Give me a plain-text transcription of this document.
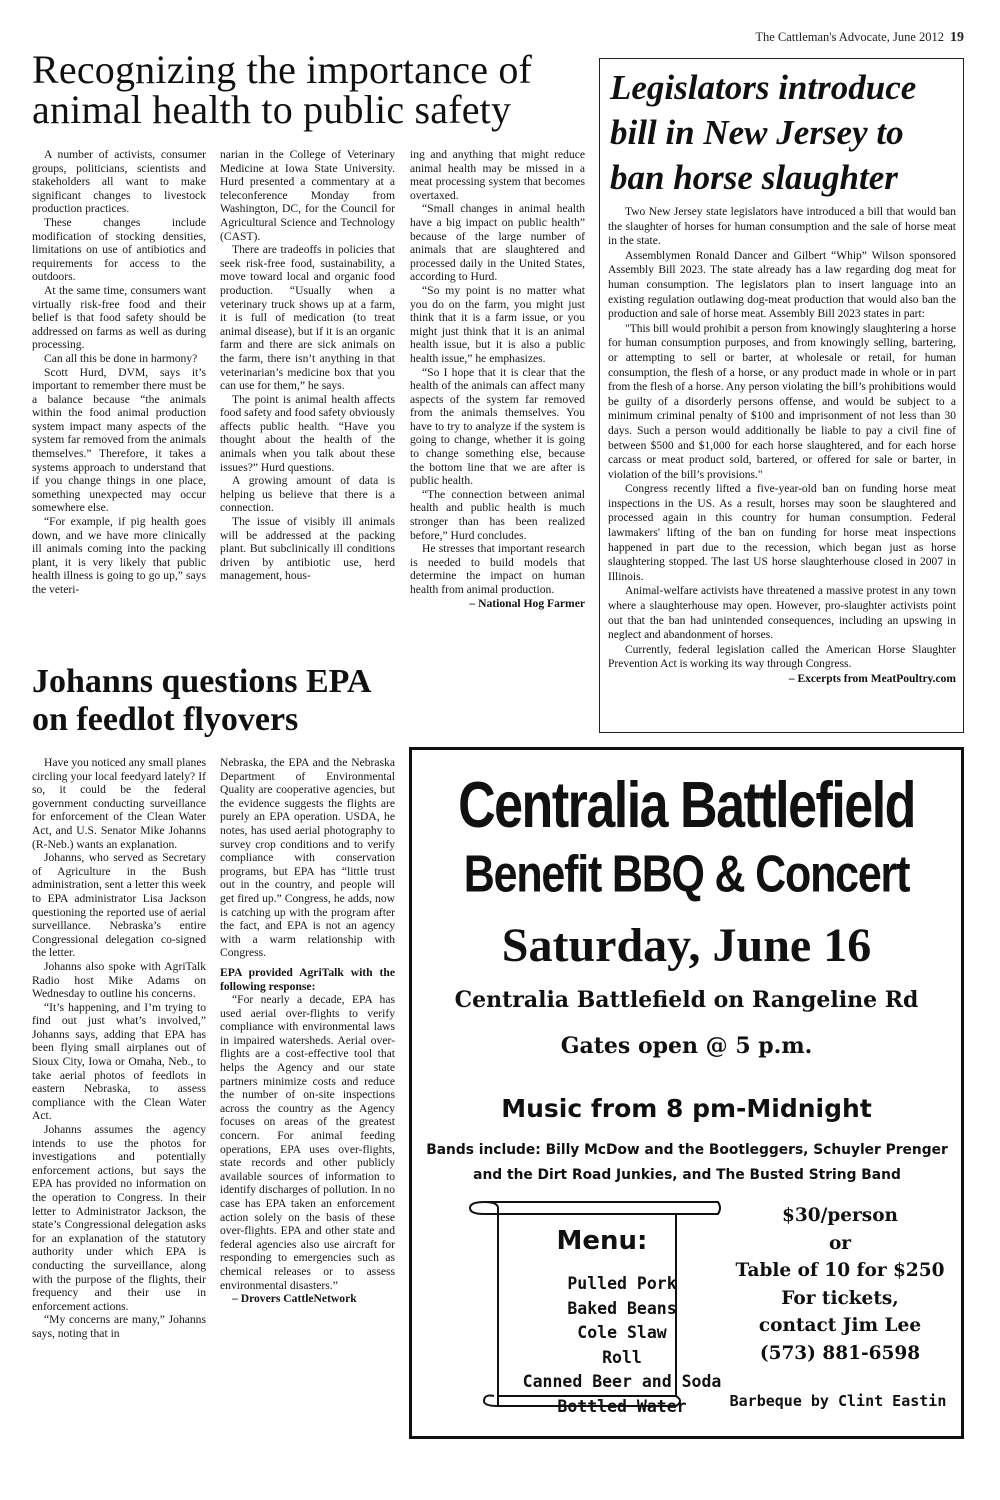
The Cattleman's Advocate, June 2012 19
Recognizing the importance of animal health to public safety

A number of activists, consumer groups, politicians, scientists and stakeholders all want to make significant changes to livestock production practices.

These changes include modification of stocking densities, limitations on use of antibiotics and requirements for access to the outdoors.

At the same time, consumers want virtually risk-free food and their belief is that food safety should be addressed on farms as well as during processing.

Can all this be done in harmony?

Scott Hurd, DVM, says it’s important to remember there must be a balance because “the animals within the food animal production system impact many aspects of the system far removed from the animals themselves.” Therefore, it takes a systems approach to understand that if you change things in one place, something unexpected may occur somewhere else.

“For example, if pig health goes down, and we have more clinically ill animals coming into the packing plant, it is very likely that public health illness is going to go up,” says the veteri-

narian in the College of Veterinary Medicine at Iowa State University. Hurd presented a commentary at a teleconference Monday from Washington, DC, for the Council for Agricultural Science and Technology (CAST).

There are tradeoffs in policies that seek risk-free food, sustainability, a move toward local and organic food production. “Usually when a veterinary truck shows up at a farm, it is full of medication (to treat animal disease), but if it is an organic farm and there are sick animals on the farm, there isn’t anything in that veterinarian’s medicine box that you can use for them,” he says.

The point is animal health affects food safety and food safety obviously affects public health. “Have you thought about the health of the animals when you talk about these issues?” Hurd questions.

A growing amount of data is helping us believe that there is a connection.

The issue of visibly ill animals will be addressed at the packing plant. But subclinically ill conditions driven by antibiotic use, herd management, hous-

ing and anything that might reduce animal health may be missed in a meat processing system that becomes overtaxed.

“Small changes in animal health have a big impact on public health” because of the large number of animals that are slaughtered and processed daily in the United States, according to Hurd.

“So my point is no matter what you do on the farm, you might just think that it is a farm issue, or you might just think that it is an animal health issue, but it is also a public health issue,” he emphasizes.

“So I hope that it is clear that the health of the animals can affect many aspects of the system far removed from the animals themselves. You have to try to analyze if the system is going to change, whether it is going to change something else, because the bottom line that we are after is public health.

“The connection between animal health and public health is much stronger than has been realized before,” Hurd concludes.

He stresses that important research is needed to build models that determine the impact on human health from animal production.

– National Hog Farmer

Legislators introduce bill in New Jersey to ban horse slaughter

Two New Jersey state legislators have introduced a bill that would ban the slaughter of horses for human consumption and the sale of horse meat in the state.

Assemblymen Ronald Dancer and Gilbert “Whip” Wilson sponsored Assembly Bill 2023. The state already has a law regarding dog meat for human consumption. The legislators plan to insert language into an existing regulation outlawing dog-meat production that would also ban the production and sale of horse meat. Assembly Bill 2023 states in part:

"This bill would prohibit a person from knowingly slaughtering a horse for human consumption purposes, and from knowingly selling, bartering, or attempting to sell or barter, at wholesale or retail, for human consumption, the flesh of a horse, or any product made in whole or in part from the flesh of a horse. Any person violating the bill’s prohibitions would be guilty of a disorderly persons offense, and would be subject to a minimum criminal penalty of $100 and imprisonment of not less than 30 days. Such a person would additionally be liable to pay a civil fine of between $500 and $1,000 for each horse slaughtered, and for each horse carcass or meat product sold, bartered, or offered for sale or barter, in violation of the bill’s provisions."

Congress recently lifted a five-year-old ban on funding horse meat inspections in the US. As a result, horses may soon be slaughtered and processed again in this country for human consumption. Federal lawmakers' lifting of the ban on funding for horse meat inspections happened in part due to the recession, which began just as horse slaughtering stopped. The last US horse slaughterhouse closed in 2007 in Illinois.

Animal-welfare activists have threatened a massive protest in any town where a slaughterhouse may open. However, pro-slaughter activists point out that the ban had unintended consequences, including an upswing in neglect and abandonment of horses.

Currently, federal legislation called the American Horse Slaughter Prevention Act is working its way through Congress.

– Excerpts from MeatPoultry.com

Johanns questions EPA on feedlot flyovers

Have you noticed any small planes circling your local feedyard lately? If so, it could be the federal government conducting surveillance for enforcement of the Clean Water Act, and U.S. Senator Mike Johanns (R-Neb.) wants an explanation.

Johanns, who served as Secretary of Agriculture in the Bush administration, sent a letter this week to EPA administrator Lisa Jackson questioning the reported use of aerial surveillance. Nebraska’s entire Congressional delegation co-signed the letter.

Johanns also spoke with AgriTalk Radio host Mike Adams on Wednesday to outline his concerns.

“It’s happening, and I’m trying to find out just what’s involved,” Johanns says, adding that EPA has been flying small airplanes out of Sioux City, Iowa or Omaha, Neb., to take aerial photos of feedlots in eastern Nebraska, to assess compliance with the Clean Water Act.

Johanns assumes the agency intends to use the photos for investigations and potentially enforcement actions, but says the EPA has provided no information on the operation to Congress. In their letter to Administrator Jackson, the state’s Congressional delegation asks for an explanation of the statutory authority under which EPA is conducting the surveillance, along with the purpose of the flights, their frequency and their use in enforcement actions.

“My concerns are many,” Johanns says, noting that in

Nebraska, the EPA and the Nebraska Department of Environmental Quality are cooperative agencies, but the evidence suggests the flights are purely an EPA operation. USDA, he notes, has used aerial photography to survey crop conditions and to verify compliance with conservation programs, but EPA has “little trust out in the country, and people will get fired up.” Congress, he adds, now is catching up with the program after the fact, and EPA is not an agency with a warm relationship with Congress.

EPA provided AgriTalk with the following response:

“For nearly a decade, EPA has used aerial over-flights to verify compliance with environmental laws in impaired watersheds. Aerial over-flights are a cost-effective tool that helps the Agency and our state partners minimize costs and reduce the number of on-site inspections across the country as the Agency focuses on areas of the greatest concern. For animal feeding operations, EPA uses over-flights, state records and other publicly available sources of information to identify discharges of pollution. In no case has EPA taken an enforcement action solely on the basis of these over-flights. EPA and other state and federal agencies also use aircraft for responding to emergencies such as chemical releases or to assess environmental disasters.”

– Drovers CattleNetwork

Centralia Battlefield
Benefit BBQ & Concert
Saturday, June 16
Centralia Battlefield on Rangeline Rd
Gates open @ 5 p.m.
Music from 8 pm-Midnight
Bands include: Billy McDow and the Bootleggers, Schuyler Prenger and the Dirt Road Junkies, and The Busted String Band
Menu:
Pulled Pork
Baked Beans
Cole Slaw
Roll
Canned Beer and Soda
Bottled Water
$30/person
or
Table of 10 for $250
For tickets,
contact Jim Lee
(573) 881-6598
Barbeque by Clint Eastin
